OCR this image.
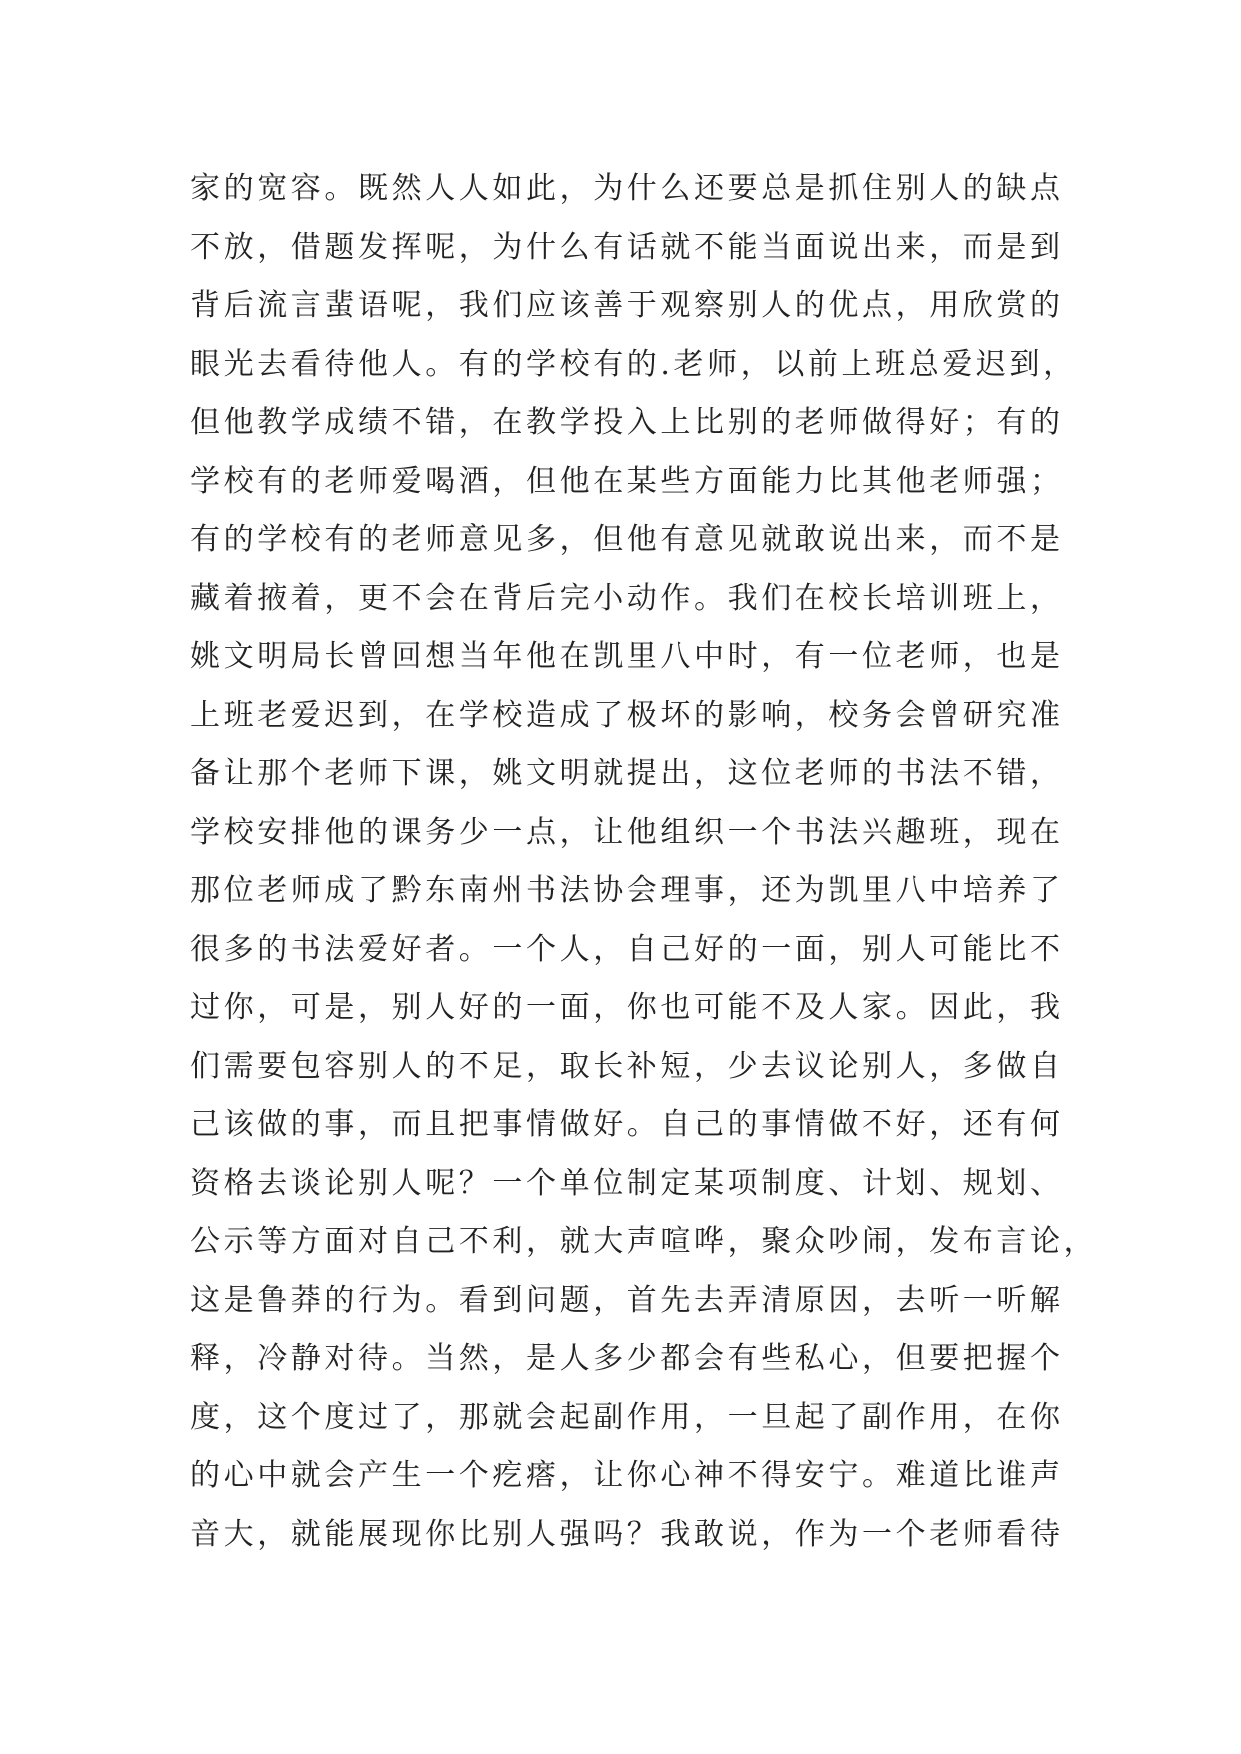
家的宽容。既然人人如此，为什么还要总是抓住别人的缺点
不放，借题发挥呢，为什么有话就不能当面说出来，而是到
背后流言蜚语呢，我们应该善于观察别人的优点，用欣赏的
眼光去看待他人。有的学校有的.老师，以前上班总爱迟到，
但他教学成绩不错，在教学投入上比别的老师做得好；有的
学校有的老师爱喝酒，但他在某些方面能力比其他老师强；
有的学校有的老师意见多，但他有意见就敢说出来，而不是
藏着掖着，更不会在背后完小动作。我们在校长培训班上，
姚文明局长曾回想当年他在凯里八中时，有一位老师，也是
上班老爱迟到，在学校造成了极坏的影响，校务会曾研究准
备让那个老师下课，姚文明就提出，这位老师的书法不错，
学校安排他的课务少一点，让他组织一个书法兴趣班，现在
那位老师成了黔东南州书法协会理事，还为凯里八中培养了
很多的书法爱好者。一个人，自己好的一面，别人可能比不
过你，可是，别人好的一面，你也可能不及人家。因此，我
们需要包容别人的不足，取长补短，少去议论别人，多做自
己该做的事，而且把事情做好。自己的事情做不好，还有何
资格去谈论别人呢？一个单位制定某项制度、计划、规划、
公示等方面对自己不利，就大声喧哗，聚众吵闹，发布言论，
这是鲁莽的行为。看到问题，首先去弄清原因，去听一听解
释，冷静对待。当然，是人多少都会有些私心，但要把握个
度，这个度过了，那就会起副作用，一旦起了副作用，在你
的心中就会产生一个疙瘩，让你心神不得安宁。难道比谁声
音大，就能展现你比别人强吗？我敢说，作为一个老师看待
